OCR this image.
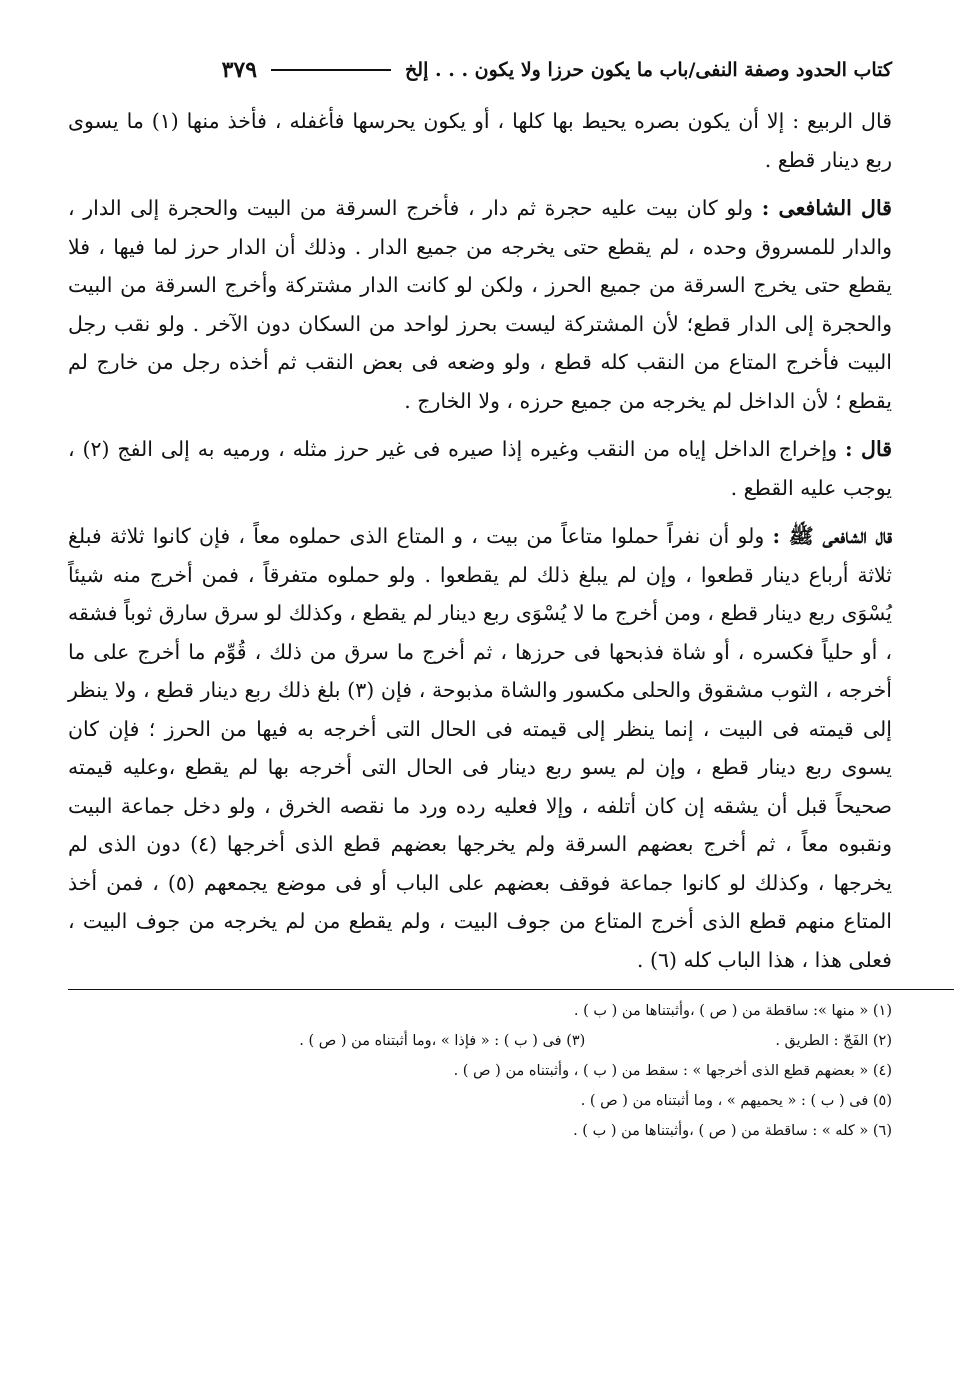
كتاب الحدود وصفة النفى/باب ما يكون حرزا ولا يكون . . . إلخ
٣٧٩

قال الربيع : إلا أن يكون بصره يحيط بها كلها ، أو يكون يحرسها فأغفله ، فأخذ منها (١) ما يسوى ربع دينار قطع .

قال الشافعى : ولو كان بيت عليه حجرة ثم دار ، فأخرج السرقة من البيت والحجرة إلى الدار ، والدار للمسروق وحده ، لم يقطع حتى يخرجه من جميع الدار . وذلك أن الدار حرز لما فيها ، فلا يقطع حتى يخرج السرقة من جميع الحرز ، ولكن لو كانت الدار مشتركة وأخرج السرقة من البيت والحجرة إلى الدار قطع؛ لأن المشتركة ليست بحرز لواحد من السكان دون الآخر . ولو نقب رجل البيت فأخرج المتاع من النقب كله قطع ، ولو وضعه فى بعض النقب ثم أخذه رجل من خارج لم يقطع ؛ لأن الداخل لم يخرجه من جميع حرزه ، ولا الخارج .

قال : وإخراج الداخل إياه من النقب وغيره إذا صيره فى غير حرز مثله ، ورميه به إلى الفج (٢) ، يوجب عليه القطع .

قال الشافعى ﷺ : ولو أن نفراً حملوا متاعاً من بيت ، و المتاع الذى حملوه معاً ، فإن كانوا ثلاثة فبلغ ثلاثة أرباع دينار قطعوا ، وإن لم يبلغ ذلك لم يقطعوا . ولو حملوه متفرقاً ، فمن أخرج منه شيئاً يُسْوَى ربع دينار قطع ، ومن أخرج ما لا يُسْوَى ربع دينار لم يقطع ، وكذلك لو سرق سارق ثوباً فشقه ، أو حلياً فكسره ، أو شاة فذبحها فى حرزها ، ثم أخرج ما سرق من ذلك ، قُوِّم ما أخرج على ما أخرجه ، الثوب مشقوق والحلى مكسور والشاة مذبوحة ، فإن (٣) بلغ ذلك ربع دينار قطع ، ولا ينظر إلى قيمته فى البيت ، إنما ينظر إلى قيمته فى الحال التى أخرجه به فيها من الحرز ؛ فإن كان يسوى ربع دينار قطع ، وإن لم يسو ربع دينار فى الحال التى أخرجه بها لم يقطع ،وعليه قيمته صحيحاً قبل أن يشقه إن كان أتلفه ، وإلا فعليه رده ورد ما نقصه الخرق ، ولو دخل جماعة البيت ونقبوه معاً ، ثم أخرج بعضهم السرقة ولم يخرجها بعضهم قطع الذى أخرجها (٤) دون الذى لم يخرجها ، وكذلك لو كانوا جماعة فوقف بعضهم على الباب أو فى موضع يجمعهم (٥) ، فمن أخذ المتاع منهم قطع الذى أخرج المتاع من جوف البيت ، ولم يقطع من لم يخرجه من جوف البيت ، فعلى هذا ، هذا الباب كله (٦) .

(١) « منها »: ساقطة من ( ص ) ،وأثبتناها من ( ب ) .
(٢) الفَجّ : الطريق .
(٣) فى ( ب ) : « فإذا » ،وما أثبتناه من ( ص ) .
(٤) « بعضهم قطع الذى أخرجها » : سقط من ( ب ) ، وأثبتناه من ( ص ) .
(٥) فى ( ب ) : « يحميهم » ، وما أثبتناه من ( ص ) .
(٦) « كله » : ساقطة من ( ص ) ،وأثبتناها من ( ب ) .
